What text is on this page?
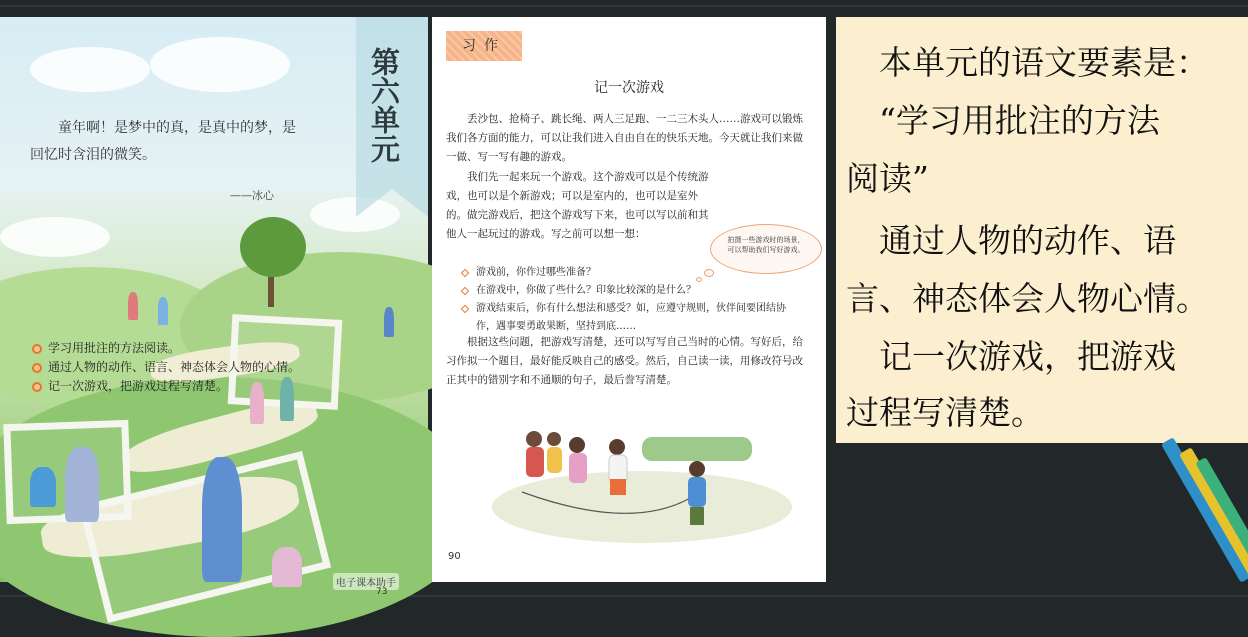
第六单元
童年啊！是梦中的真，是真中的梦，是回忆时含泪的微笑。
——冰心
学习用批注的方法阅读。
通过人物的动作、语言、神态体会人物的心情。
记一次游戏，把游戏过程写清楚。
电子课本助手
73
习作
记一次游戏

丢沙包、抢椅子、跳长绳、两人三足跑、一二三木头人……游戏可以锻炼我们各方面的能力，可以让我们进入自由自在的快乐天地。今天就让我们来做一做、写一写有趣的游戏。

我们先一起来玩一个游戏。这个游戏可以是个传统游戏，也可以是个新游戏；可以是室内的，也可以是室外的。做完游戏后，把这个游戏写下来，也可以写以前和其他人一起玩过的游戏。写之前可以想一想：	拍摄一些游戏时的场景，可以帮助我们写好游戏。
游戏前，你作过哪些准备？
在游戏中，你做了些什么？印象比较深的是什么？
游戏结束后，你有什么想法和感受？如，应遵守规则，伙伴间要团结协作，遇事要勇敢果断，坚持到底……

根据这些问题，把游戏写清楚，还可以写写自己当时的心情。写好后，给习作拟一个题目，最好能反映自己的感受。然后，自己读一读，用修改符号改正其中的错别字和不通顺的句子，最后誊写清楚。

90
　本单元的语文要素是：
　“学习用批注的方法
阅读”
　通过人物的动作、语
言、神态体会人物心情。
　记一次游戏，把游戏
过程写清楚。
